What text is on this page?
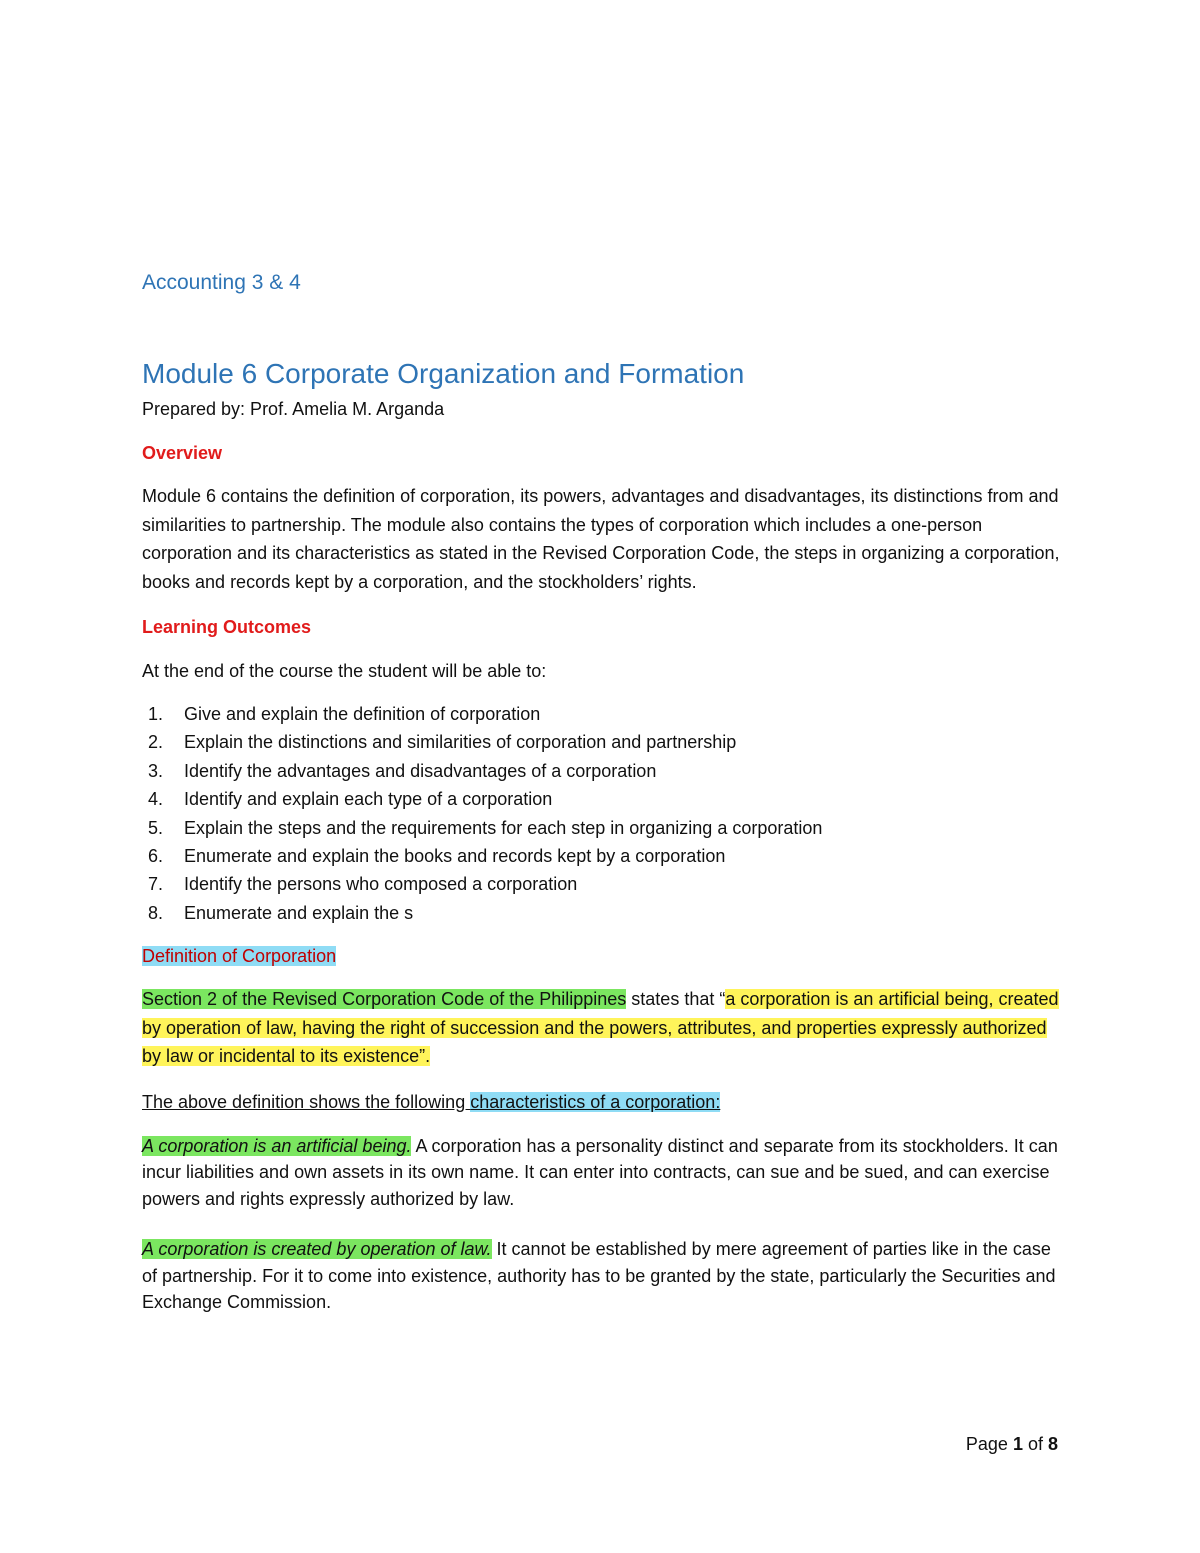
Accounting 3 & 4
Module 6 Corporate Organization and Formation
Prepared by: Prof. Amelia M. Arganda
Overview
Module 6 contains the definition of corporation, its powers, advantages and disadvantages, its distinctions from and similarities to partnership. The module also contains the types of corporation which includes a one-person corporation and its characteristics as stated in the Revised Corporation Code, the steps in organizing a corporation, books and records kept by a corporation, and the stockholders’ rights.
Learning Outcomes
At the end of the course the student will be able to:
1.	Give and explain the definition of corporation
2.	Explain the distinctions and similarities of corporation and partnership
3.	Identify the advantages and disadvantages of a corporation
4.	Identify and explain each type of a corporation
5.	Explain the steps and the requirements for each step in organizing a corporation
6.	Enumerate and explain the books and records kept by a corporation
7.	Identify the persons who composed a corporation
8.	Enumerate and explain the s
Definition of Corporation
Section 2 of the Revised Corporation Code of the Philippines states that “a corporation is an artificial being, created by operation of law, having the right of succession and the powers, attributes, and properties expressly authorized by law or incidental to its existence”.
The above definition shows the following characteristics of a corporation:
A corporation is an artificial being. A corporation has a personality distinct and separate from its stockholders. It can incur liabilities and own assets in its own name. It can enter into contracts, can sue and be sued, and can exercise powers and rights expressly authorized by law.
A corporation is created by operation of law. It cannot be established by mere agreement of parties like in the case of partnership. For it to come into existence, authority has to be granted by the state, particularly the Securities and Exchange Commission.
Page 1 of 8
